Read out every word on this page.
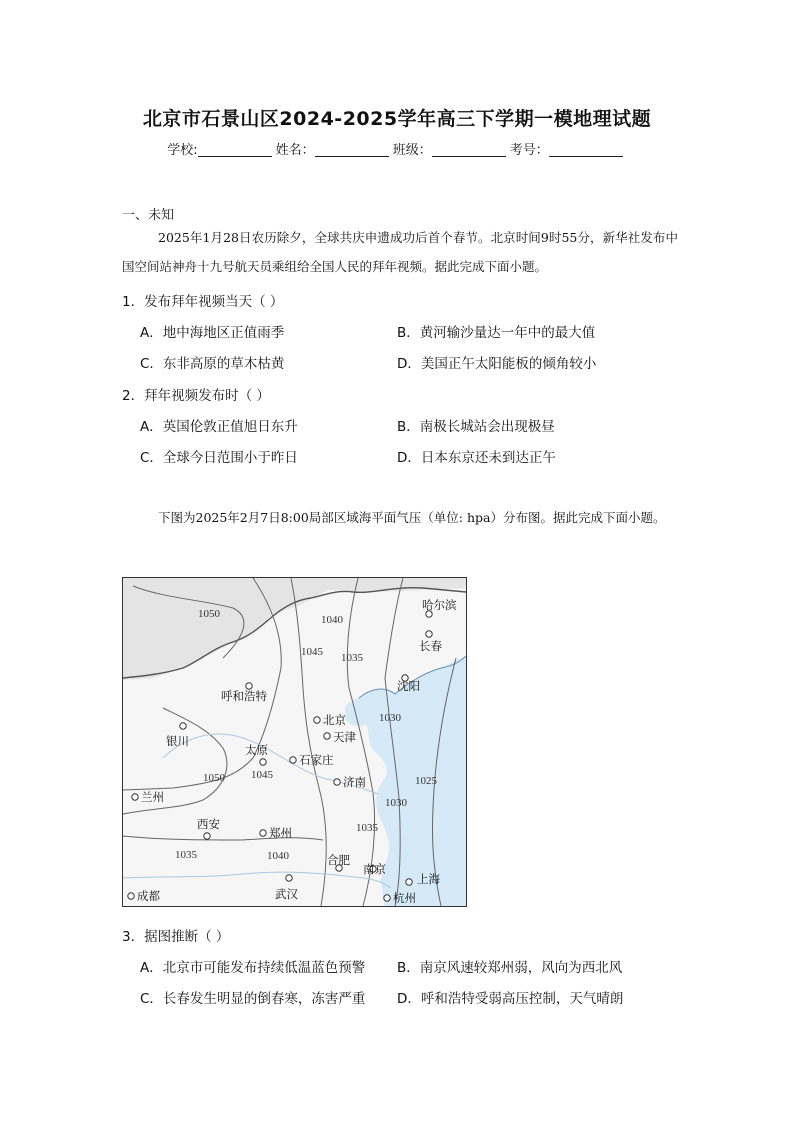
北京市石景山区2024-2025学年高三下学期一模地理试题
学校:	姓名：	班级：	考号：
一、未知
2025年1月28日农历除夕，全球共庆申遗成功后首个春节。北京时间9时55分，新华社发布中国空间站神舟十九号航天员乘组给全国人民的拜年视频。据此完成下面小题。
1．发布拜年视频当天（ ）
A．地中海地区正值雨季	B．黄河输沙量达一年中的最大值
C．东非高原的草木枯黄	D．美国正午太阳能板的倾角较小
2．拜年视频发布时（ ）
A．英国伦敦正值旭日东升	B．南极长城站会出现极昼
C．全球今日范围小于昨日	D．日本东京还未到达正午
下图为2025年2月7日8:00局部区域海平面气压（单位: hpa）分布图。据此完成下面小题。
1050	1040
1045 1035
1030
1050 1045	1025
1030
1035
1035	1040
哈尔滨
长春
沈阳
呼和浩特
北京
天津
银川
太原
石家庄
济南
兰州
西安
郑州
合肥
南京
上海
武汉	杭州
成都
3．据图推断（ ）
A．北京市可能发布持续低温蓝色预警 B．南京风速较郑州弱，风向为西北风
C．长春发生明显的倒春寒，冻害严重 D．呼和浩特受弱高压控制，天气晴朗
